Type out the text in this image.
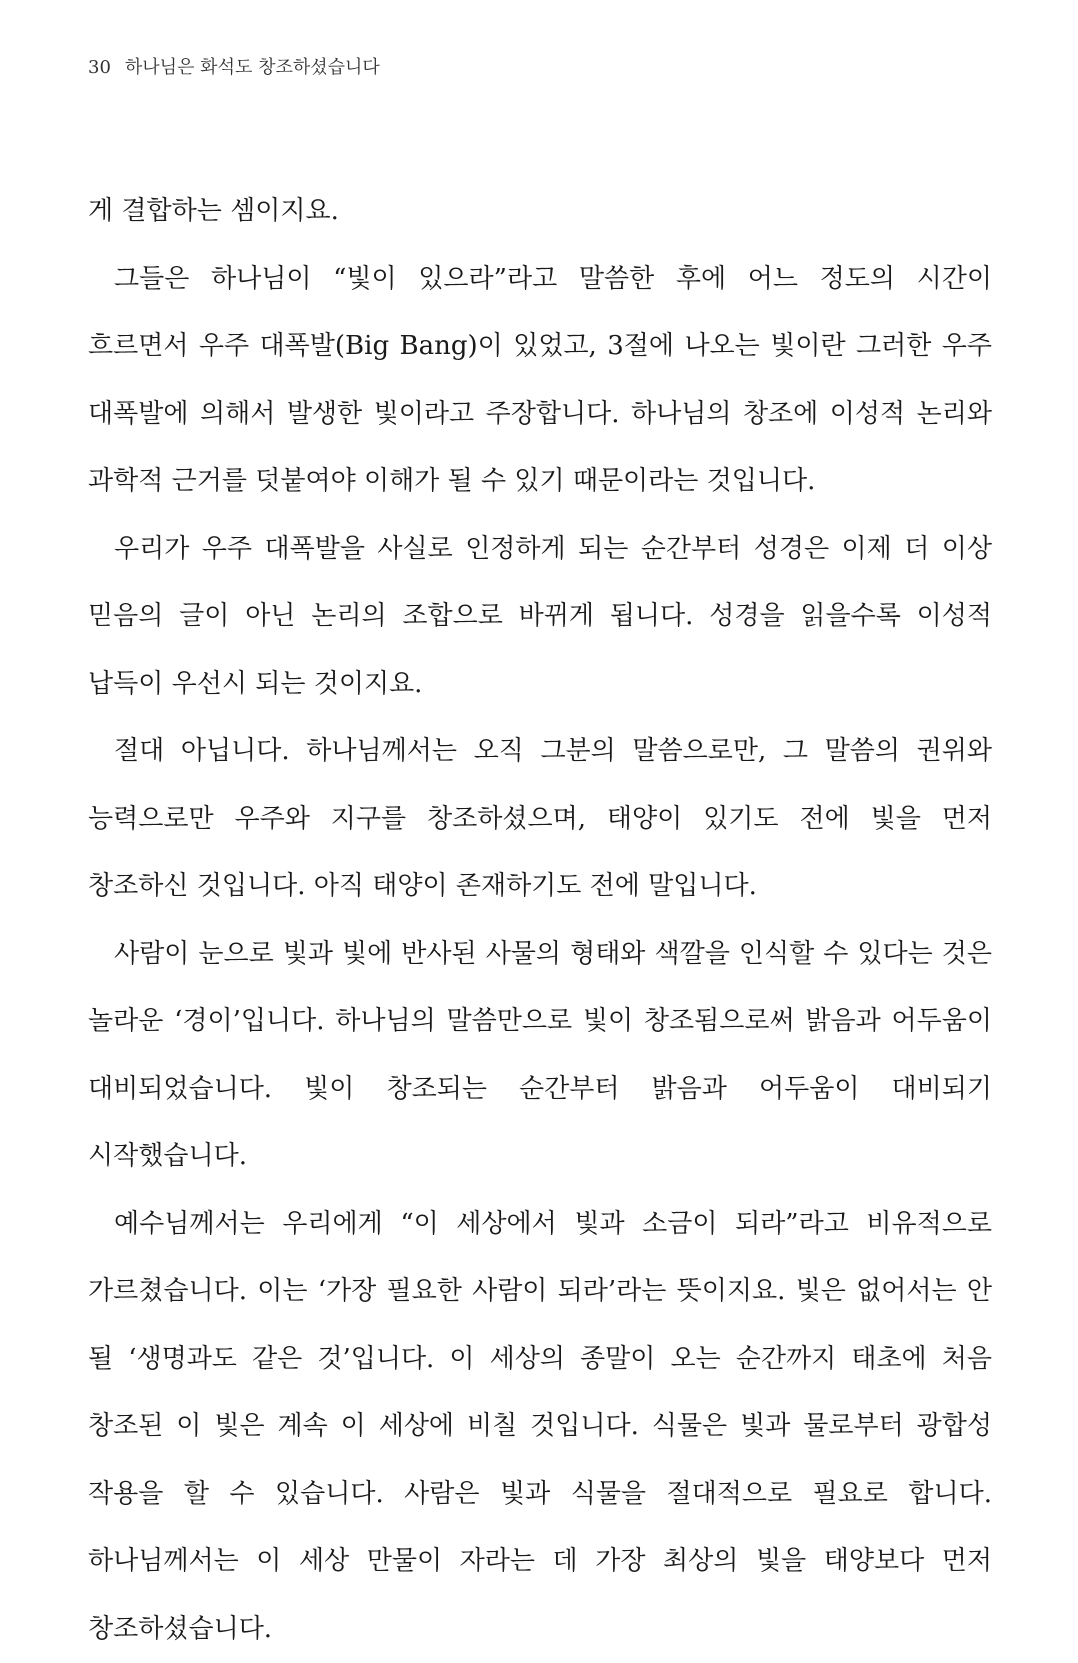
30 하나님은 화석도 창조하셨습니다

게 결합하는 셈이지요.

그들은 하나님이 “빛이 있으라”라고 말씀한 후에 어느 정도의 시간이 흐르면서 우주 대폭발(Big Bang)이 있었고, 3절에 나오는 빛이란 그러한 우주 대폭발에 의해서 발생한 빛이라고 주장합니다. 하나님의 창조에 이성적 논리와 과학적 근거를 덧붙여야 이해가 될 수 있기 때문이라는 것입니다.

우리가 우주 대폭발을 사실로 인정하게 되는 순간부터 성경은 이제 더 이상 믿음의 글이 아닌 논리의 조합으로 바뀌게 됩니다. 성경을 읽을수록 이성적 납득이 우선시 되는 것이지요.

절대 아닙니다. 하나님께서는 오직 그분의 말씀으로만, 그 말씀의 권위와 능력으로만 우주와 지구를 창조하셨으며, 태양이 있기도 전에 빛을 먼저 창조하신 것입니다. 아직 태양이 존재하기도 전에 말입니다.

사람이 눈으로 빛과 빛에 반사된 사물의 형태와 색깔을 인식할 수 있다는 것은 놀라운 ‘경이’입니다. 하나님의 말씀만으로 빛이 창조됨으로써 밝음과 어두움이 대비되었습니다. 빛이 창조되는 순간부터 밝음과 어두움이 대비되기 시작했습니다.

예수님께서는 우리에게 “이 세상에서 빛과 소금이 되라”라고 비유적으로 가르쳤습니다. 이는 ‘가장 필요한 사람이 되라’라는 뜻이지요. 빛은 없어서는 안 될 ‘생명과도 같은 것’입니다. 이 세상의 종말이 오는 순간까지 태초에 처음 창조된 이 빛은 계속 이 세상에 비칠 것입니다. 식물은 빛과 물로부터 광합성 작용을 할 수 있습니다. 사람은 빛과 식물을 절대적으로 필요로 합니다. 하나님께서는 이 세상 만물이 자라는 데 가장 최상의 빛을 태양보다 먼저 창조하셨습니다.
